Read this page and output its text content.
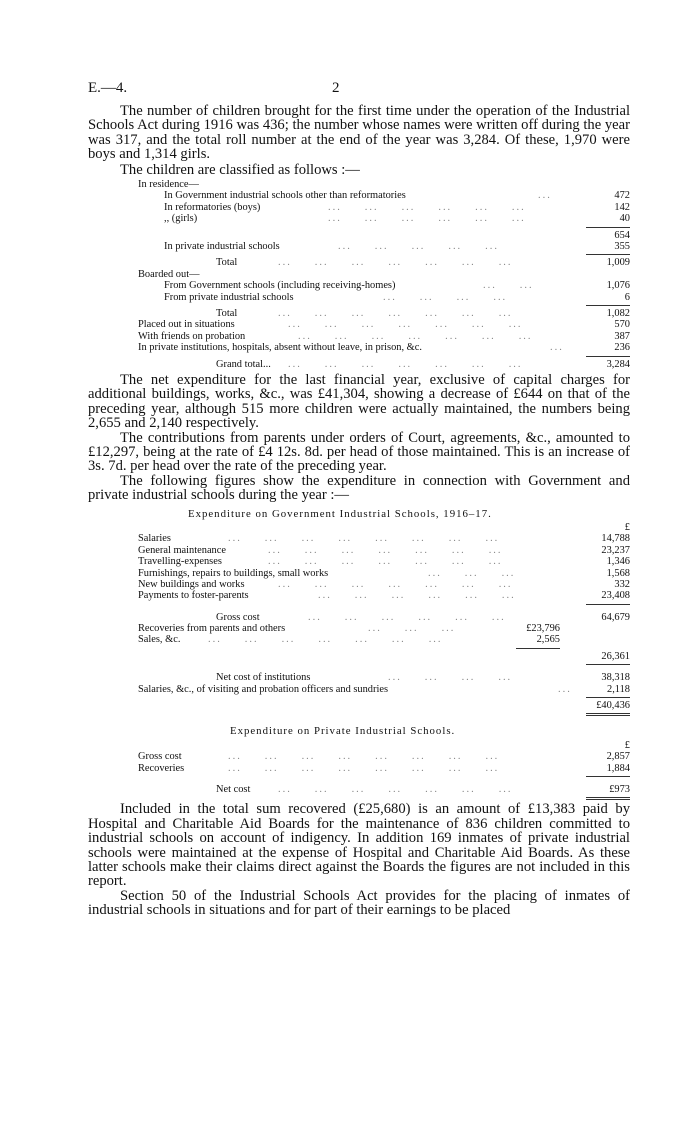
E.—4.	2

The number of children brought for the first time under the operation of the Industrial Schools Act during 1916 was 436; the number whose names were written off during the year was 317, and the total roll number at the end of the year was 3,284. Of these, 1,970 were boys and 1,314 girls.

The children are classified as follows :—

In residence—
In Government industrial schools other than reformatories	...	472
In reformatories (boys)	...     ...     ...     ...     ...     ...	142
,, (girls)	...     ...     ...     ...     ...     ...	40
654
In private industrial schools	...     ...     ...     ...     ...	355
Total	...     ...     ...     ...     ...     ...     ...	1,009
Boarded out—
From Government schools (including receiving-homes)	...     ...	1,076
From private industrial schools	...     ...     ...     ...	6
Total	...     ...     ...     ...     ...     ...     ...	1,082
Placed out in situations	...     ...     ...     ...     ...     ...     ...	570
With friends on probation	...     ...     ...     ...     ...     ...     ...	387
In private institutions, hospitals, absent without leave, in prison, &c.	...	236
Grand total... ...     ...     ...     ...     ...     ...     ...	3,284

The net expenditure for the last financial year, exclusive of capital charges for additional buildings, works, &c., was £41,304, showing a decrease of £644 on that of the preceding year, although 515 more children were actually maintained, the numbers being 2,655 and 2,140 respectively.

The contributions from parents under orders of Court, agreements, &c., amounted to £12,297, being at the rate of £4 12s. 8d. per head of those maintained. This is an increase of 3s. 7d. per head over the rate of the preceding year.

The following figures show the expenditure in connection with Government and private industrial schools during the year :—

Expenditure on Government Industrial Schools, 1916–17.
£
Salaries	...     ...     ...     ...     ...     ...     ...     ...	14,788
General maintenance	...     ...     ...     ...     ...     ...     ...	23,237
Travelling-expenses	...     ...     ...     ...     ...     ...     ...	1,346
Furnishings, repairs to buildings, small works	...     ...     ...	1,568
New buildings and works	...     ...     ...     ...     ...     ...     ...	332
Payments to foster-parents	...     ...     ...     ...     ...     ...	23,408
Gross cost	...     ...     ...     ...     ...     ...	64,679
Recoveries from parents and others	...     ...     ...	£23,796
Sales, &c.	...     ...     ...     ...     ...     ...     ...	2,565
26,361
Net cost of institutions	...     ...     ...     ...	38,318
Salaries, &c., of visiting and probation officers and sundries	...	2,118
£40,436
Expenditure on Private Industrial Schools.
£
Gross cost	...     ...     ...     ...     ...     ...     ...     ...	2,857
Recoveries	...     ...     ...     ...     ...     ...     ...     ...	1,884
Net cost	...     ...     ...     ...     ...     ...     ...	£973

Included in the total sum recovered (£25,680) is an amount of £13,383 paid by Hospital and Charitable Aid Boards for the maintenance of 836 children committed to industrial schools on account of indigency. In addition 169 inmates of private industrial schools were maintained at the expense of Hospital and Charitable Aid Boards. As these latter schools make their claims direct against the Boards the figures are not included in this report.

Section 50 of the Industrial Schools Act provides for the placing of inmates of industrial schools in situations and for part of their earnings to be placed
